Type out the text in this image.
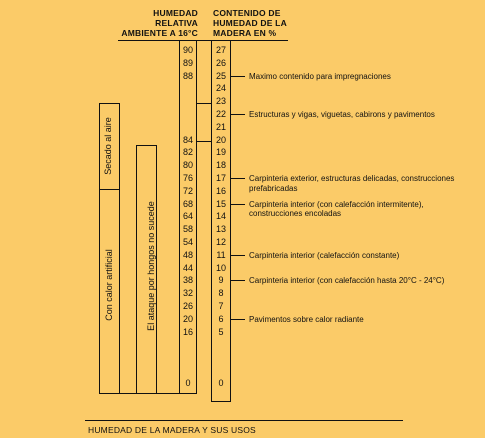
HUMEDAD
RELATIVA
AMBIENTE A 16°C
CONTENIDO DE
HUMEDAD DE LA
MADERA EN %
Secado al aire
Con calor artificial	El ataque por hongos no sucede
90
89
88
84
82
80
76
72
68
64
58
54
48
44
38
32
26
20
16
0
27
26
25
24
23
22
21
20
19
18
17
16
15
14
13
12
11
10
9
8
7
6
5
0
Maximo contenido para impregnaciones
Estructuras y vigas, viguetas, cabirons y pavimentos
Carpinteria exterior, estructuras delicadas, construcciones prefabricadas
Carpinteria interior (con calefacción intermitente), construcciones encoladas
Carpinteria interior (calefacción constante)
Carpinteria interior (con calefacción hasta 20°C - 24°C)
Pavimentos sobre calor radiante
HUMEDAD DE LA MADERA Y SUS USOS
